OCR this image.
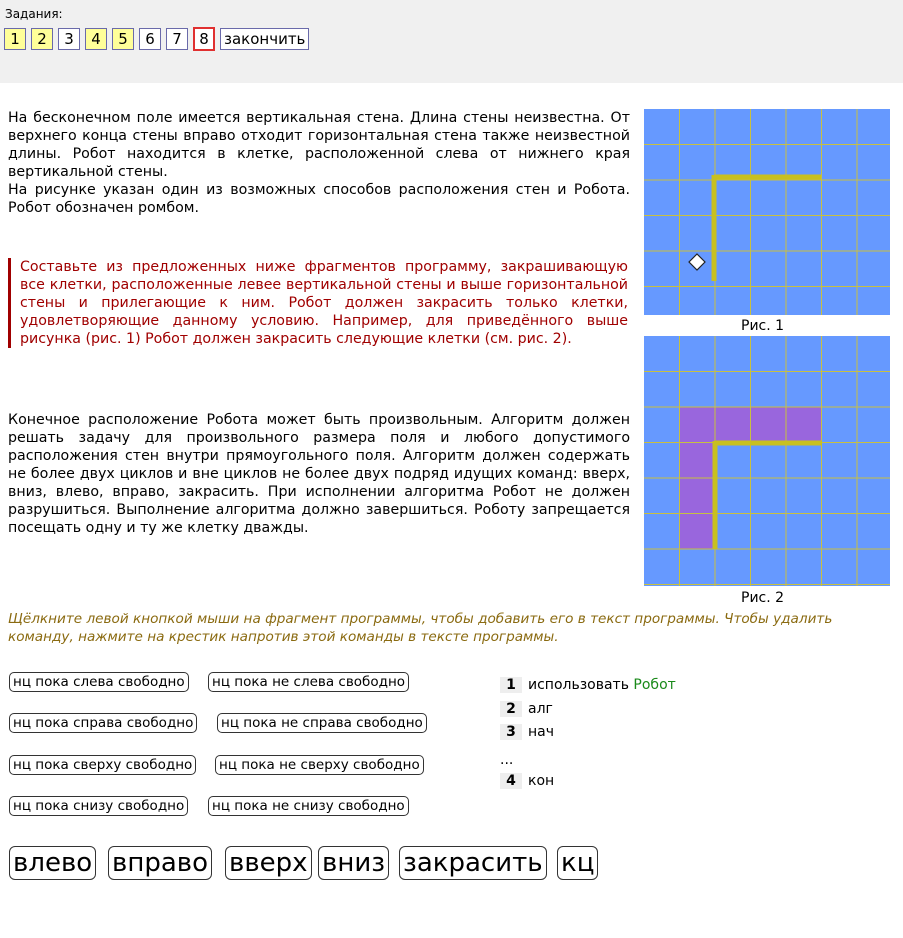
Задания:
1	2	3	4	5	6	7	8	закончить
На бесконечном поле имеется вертикальная стена. Длина стены неизвестна. От верхнего конца стены вправо отходит горизонтальная стена также неизвестной длины. Робот находится в клетке, расположенной слева от нижнего края вертикальной стены.
На рисунке указан один из возможных способов расположения стен и Робота. Робот обозначен ромбом.
Составьте из предложенных ниже фрагментов программу, закрашивающую все клетки, расположенные левее вертикальной стены и выше горизонтальной стены и прилегающие к ним. Робот должен закрасить только клетки, удовлетворяющие данному условию. Например, для приведённого выше рисунка (рис. 1) Робот должен закрасить следующие клетки (см. рис. 2).
Конечное расположение Робота может быть произвольным. Алгоритм должен решать задачу для произвольного размера поля и любого допустимого расположения стен внутри прямоугольного поля. Алгоритм должен содержать не более двух циклов и вне циклов не более двух подряд идущих команд: вверх, вниз, влево, вправо, закрасить. При исполнении алгоритма Робот не должен разрушиться. Выполнение алгоритма должно завершиться. Роботу запрещается посещать одну и ту же клетку дважды.
Рис. 1
Рис. 2
Щёлкните левой кнопкой мыши на фрагмент программы, чтобы добавить его в текст программы. Чтобы удалить команду, нажмите на крестик напротив этой команды в тексте программы.
нц пока слева свободно нц пока не слева свободно
нц пока справа свободно нц пока не справа свободно
нц пока сверху свободно нц пока не сверху свободно
нц пока снизу свободно нц пока не снизу свободно
влево вправо вверх вниз закрасить кц
1 использовать Робот
2 алг
3 нач
...
4 кон
